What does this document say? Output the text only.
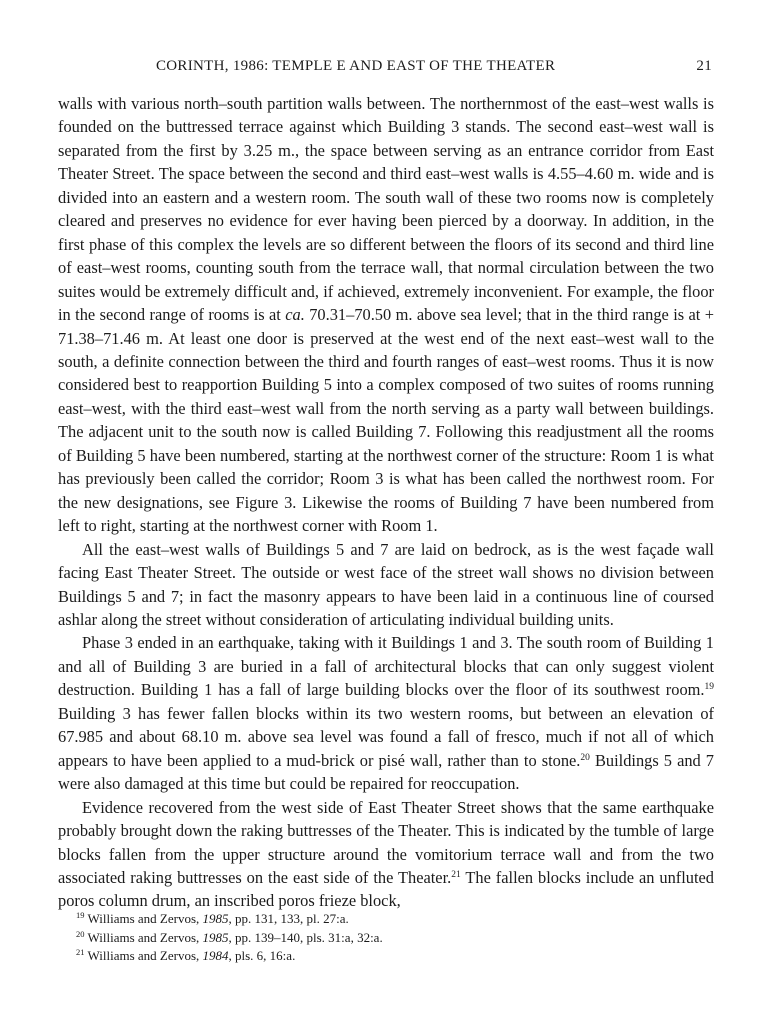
CORINTH, 1986: TEMPLE E AND EAST OF THE THEATER	21

walls with various north–south partition walls between. The northernmost of the east–west walls is founded on the buttressed terrace against which Building 3 stands. The second east–west wall is separated from the first by 3.25 m., the space between serving as an entrance corridor from East Theater Street. The space between the second and third east–west walls is 4.55–4.60 m. wide and is divided into an eastern and a western room. The south wall of these two rooms now is completely cleared and preserves no evidence for ever having been pierced by a doorway. In addition, in the first phase of this complex the levels are so different between the floors of its second and third line of east–west rooms, counting south from the terrace wall, that normal circulation between the two suites would be extremely difficult and, if achieved, extremely inconvenient. For example, the floor in the second range of rooms is at ca. 70.31–70.50 m. above sea level; that in the third range is at + 71.38–71.46 m. At least one door is preserved at the west end of the next east–west wall to the south, a definite connection between the third and fourth ranges of east–west rooms. Thus it is now considered best to reapportion Building 5 into a complex composed of two suites of rooms running east–west, with the third east–west wall from the north serving as a party wall between buildings. The adjacent unit to the south now is called Building 7. Following this readjustment all the rooms of Building 5 have been numbered, starting at the northwest corner of the structure: Room 1 is what has previously been called the corridor; Room 3 is what has been called the northwest room. For the new designations, see Figure 3. Likewise the rooms of Building 7 have been numbered from left to right, starting at the northwest corner with Room 1.

All the east–west walls of Buildings 5 and 7 are laid on bedrock, as is the west façade wall facing East Theater Street. The outside or west face of the street wall shows no division between Buildings 5 and 7; in fact the masonry appears to have been laid in a continuous line of coursed ashlar along the street without consideration of articulating individual building units.

Phase 3 ended in an earthquake, taking with it Buildings 1 and 3. The south room of Building 1 and all of Building 3 are buried in a fall of architectural blocks that can only suggest violent destruction. Building 1 has a fall of large building blocks over the floor of its southwest room.$^{19}$ Building 3 has fewer fallen blocks within its two western rooms, but between an elevation of 67.985 and about 68.10 m. above sea level was found a fall of fresco, much if not all of which appears to have been applied to a mud-brick or pisé wall, rather than to stone.$^{20}$ Buildings 5 and 7 were also damaged at this time but could be repaired for reoccupation.

Evidence recovered from the west side of East Theater Street shows that the same earthquake probably brought down the raking buttresses of the Theater. This is indicated by the tumble of large blocks fallen from the upper structure around the vomitorium terrace wall and from the two associated raking buttresses on the east side of the Theater.$^{21}$ The fallen blocks include an unfluted poros column drum, an inscribed poros frieze block,

$^{19}$ Williams and Zervos, 1985, pp. 131, 133, pl. 27:a.
$^{20}$ Williams and Zervos, 1985, pp. 139–140, pls. 31:a, 32:a.
$^{21}$ Williams and Zervos, 1984, pls. 6, 16:a.
